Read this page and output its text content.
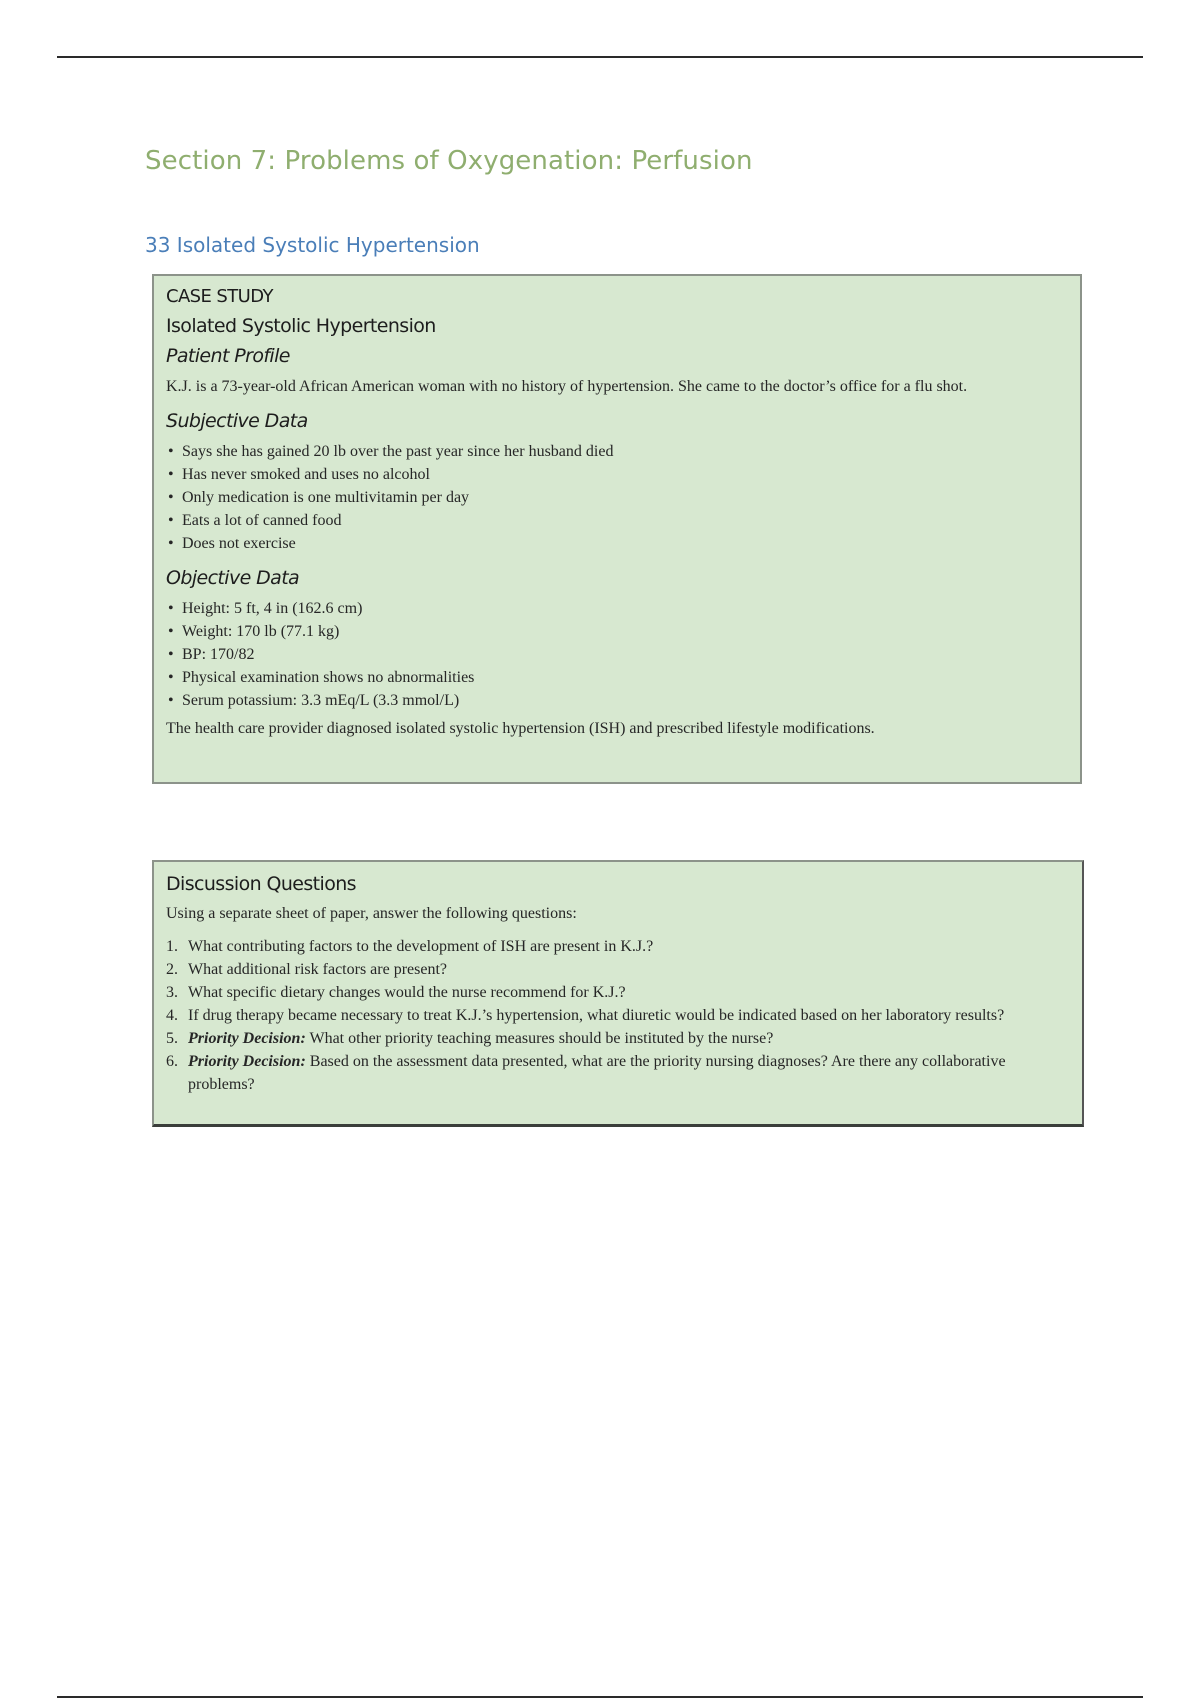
Section 7: Problems of Oxygenation: Perfusion
33 Isolated Systolic Hypertension
CASE STUDY
Isolated Systolic Hypertension
Patient Profile
K.J. is a 73-year-old African American woman with no history of hypertension. She came to the doctor’s office for a flu shot.
Subjective Data
• Says she has gained 20 lb over the past year since her husband died
• Has never smoked and uses no alcohol
• Only medication is one multivitamin per day
• Eats a lot of canned food
• Does not exercise
Objective Data
• Height: 5 ft, 4 in (162.6 cm)
• Weight: 170 lb (77.1 kg)
• BP: 170/82
• Physical examination shows no abnormalities
• Serum potassium: 3.3 mEq/L (3.3 mmol/L)
The health care provider diagnosed isolated systolic hypertension (ISH) and prescribed lifestyle modifications.
Discussion Questions
Using a separate sheet of paper, answer the following questions:
1. What contributing factors to the development of ISH are present in K.J.?
2. What additional risk factors are present?
3. What specific dietary changes would the nurse recommend for K.J.?
4. If drug therapy became necessary to treat K.J.’s hypertension, what diuretic would be indicated based on her laboratory results?
5. Priority Decision: What other priority teaching measures should be instituted by the nurse?
6. Priority Decision: Based on the assessment data presented, what are the priority nursing diagnoses? Are there any collaborative problems?
